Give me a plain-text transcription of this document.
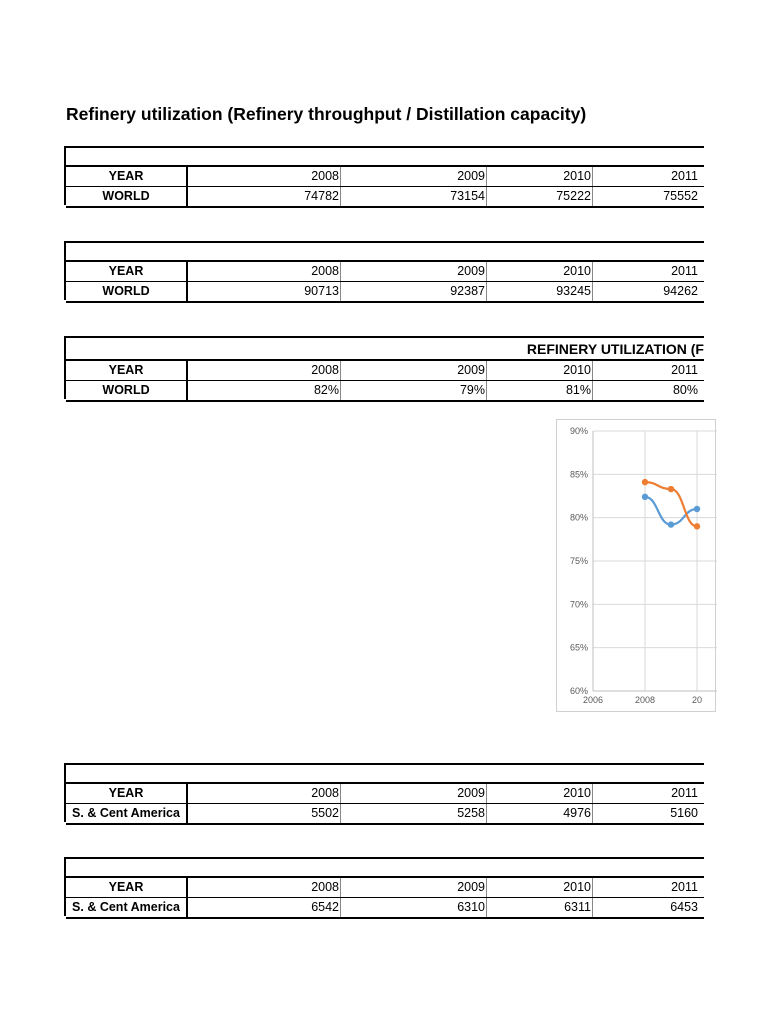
Refinery utilization (Refinery throughput / Distillation capacity)
YEAR	2008	2009	2010	2011
WORLD	74782	73154	75222	75552
YEAR	2008	2009	2010	2011
WORLD	90713	92387	93245	94262
REFINERY UTILIZATION (F
YEAR	2008	2009	2010	2011
WORLD	82%	79%	81%	80%
90%
85%
80%
75%
70%
65%
60%
2006	2008	20
YEAR	2008	2009	2010	2011
S. & Cent America	5502	5258	4976	5160
YEAR	2008	2009	2010	2011
S. & Cent America	6542	6310	6311	6453
